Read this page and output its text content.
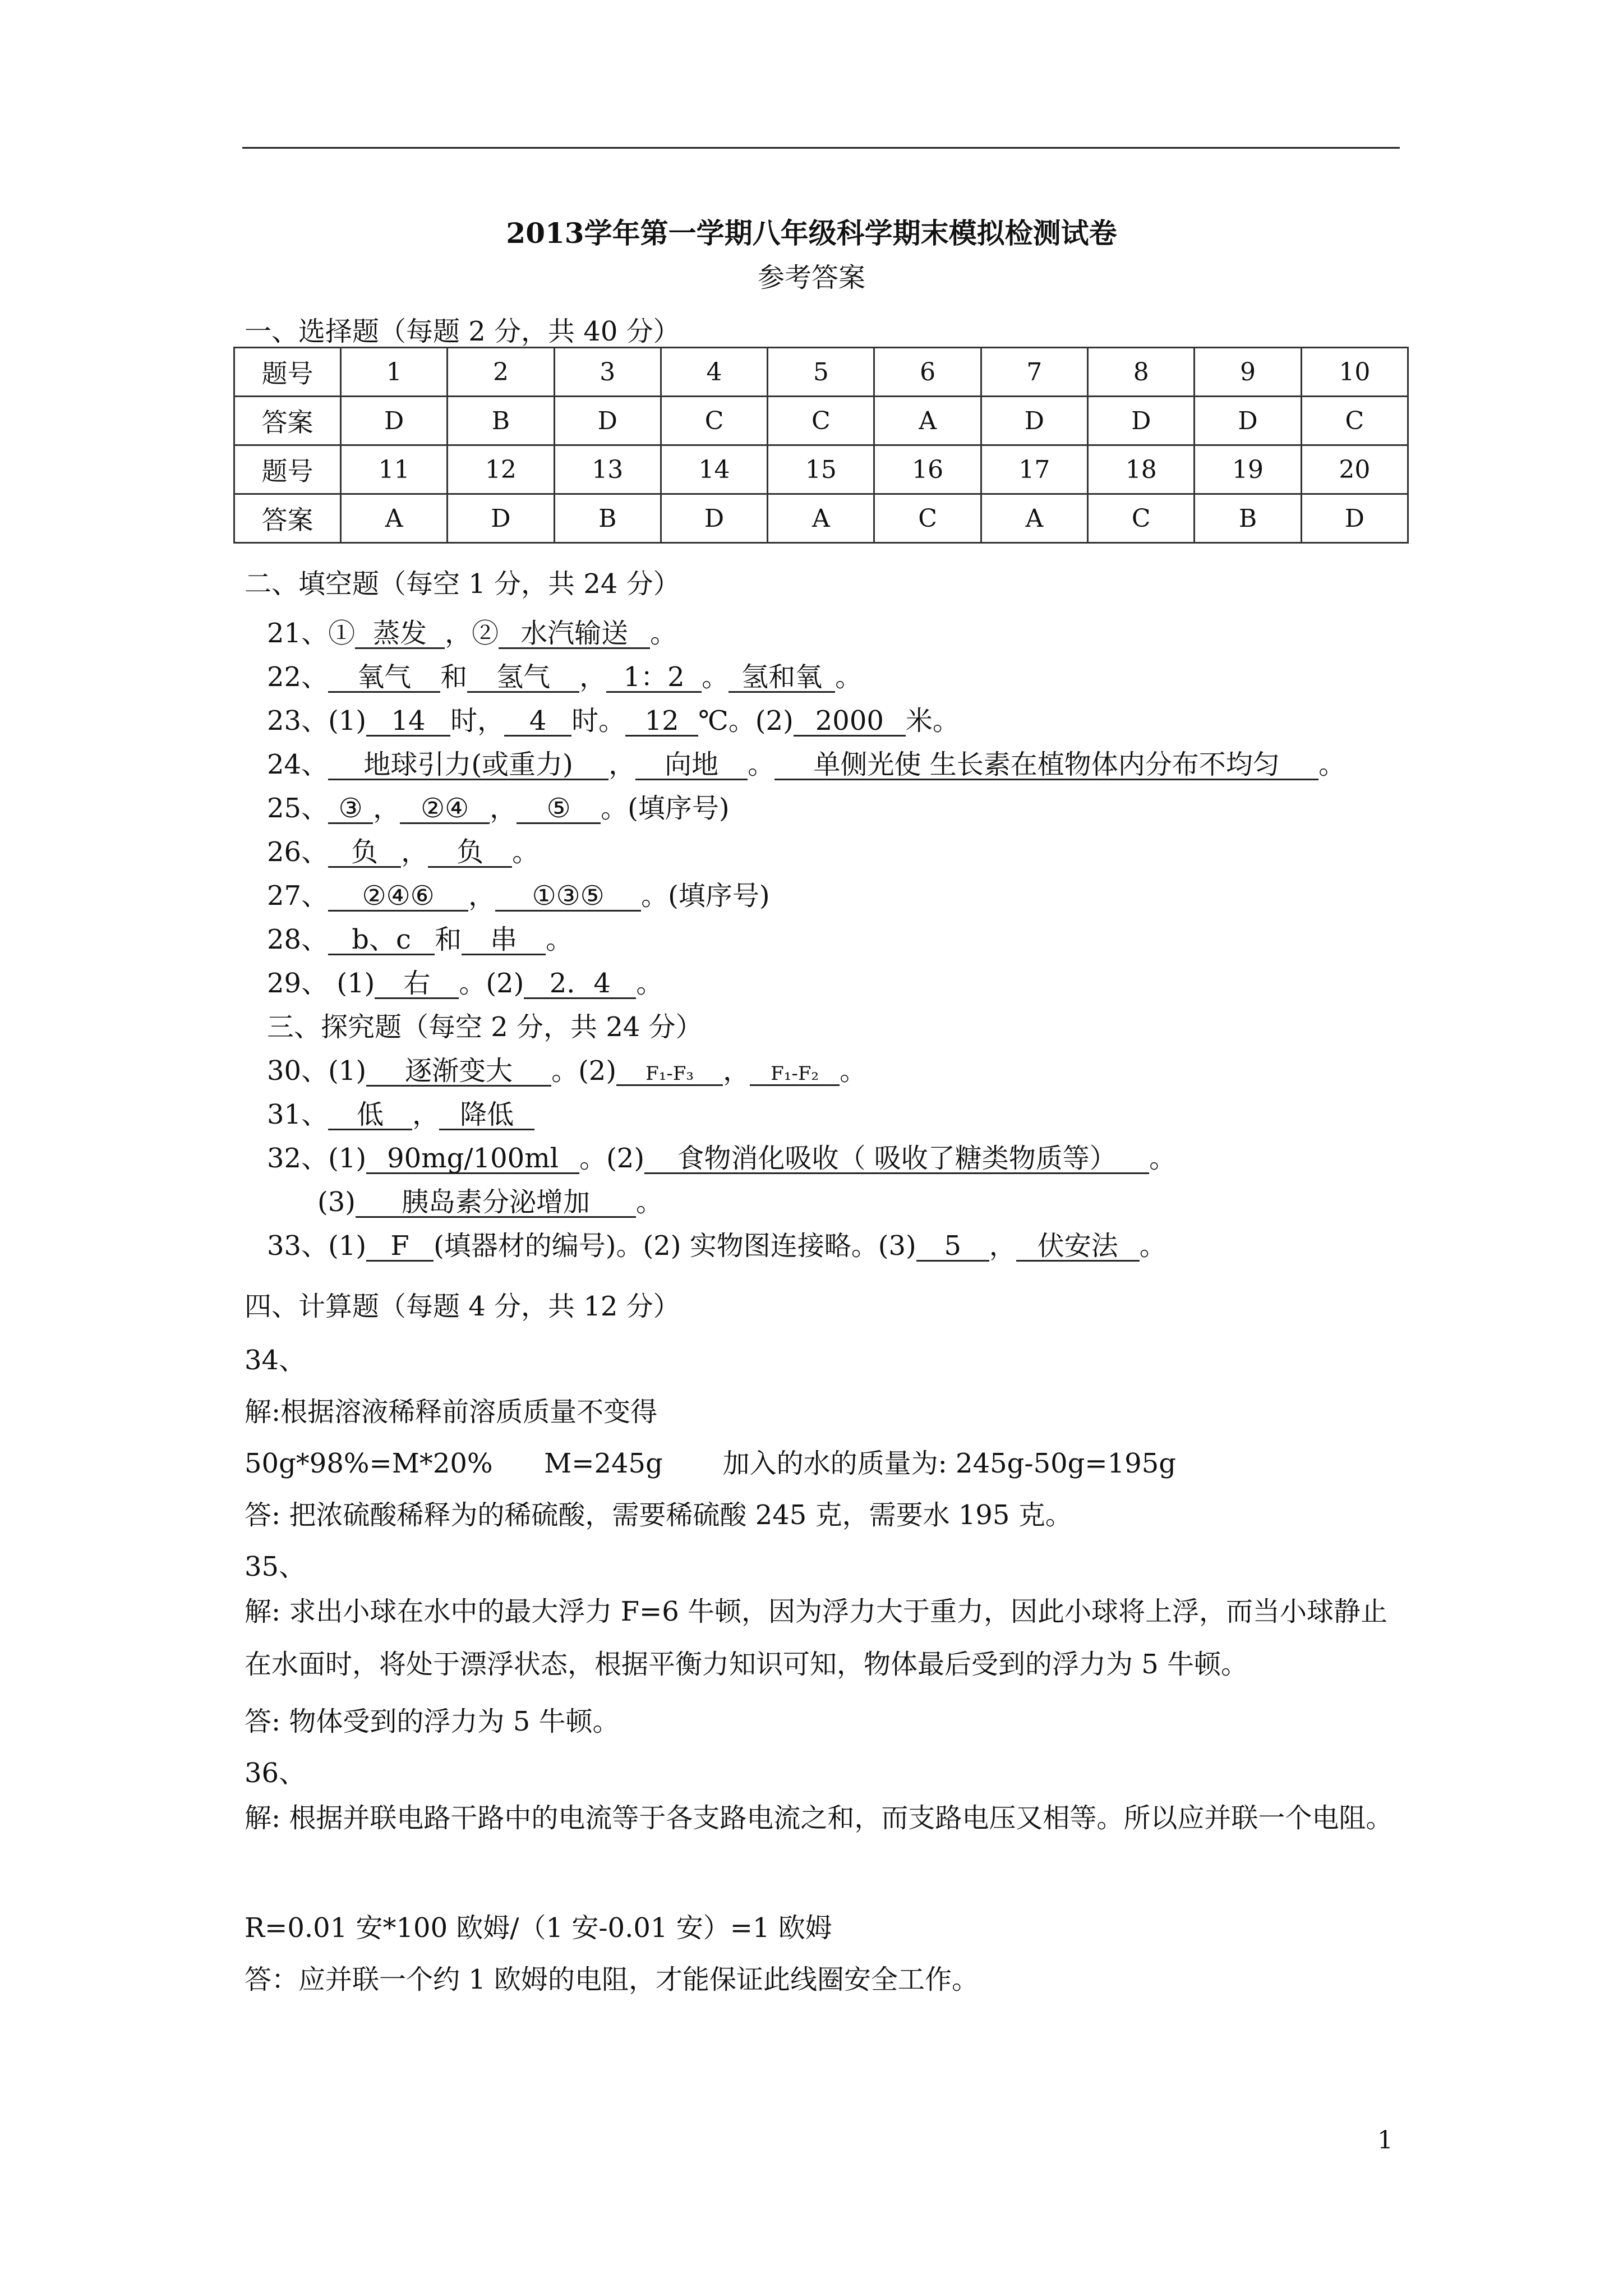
2013学年第一学期八年级科学期末模拟检测试卷
参考答案
一、选择题（每题 2 分，共 40 分）
题号	1	2	3	4	5	6	7	8	9	10
答案	D	B	D	C	C	A	D	D	D	C
题号	11	12	13	14	15	16	17	18	19	20
答案	A	D	B	D	A	C	A	C	B	D
二、填空题（每空 1 分，共 24 分）
21、① 蒸发 ，② 水汽输送 。
22、 氧气 和 氢气 ， 1：2 。 氢和氧 。
23、(1) 14 时， 4 时。 12 ℃。(2) 2000 米。
24、 地球引力(或重力) ， 向地 。 单侧光使 生长素在植物体内分布不均匀 。
25、 ③ ， ②④ ， ⑤ 。(填序号)
26、 负 ， 负 。
27、 ②④⑥ ， ①③⑤ 。(填序号)
28、 b、c 和 串 。
29、 (1) 右 。(2) 2．4 。
三、探究题（每空 2 分，共 24 分）
30、(1) 逐渐变大 。(2) F₁-F₃ ， F₁-F₂ 。
31、 低 ， 降低
32、(1) 90mg/100ml 。(2) 食物消化吸收（ 吸收了糖类物质等） 。
(3) 胰岛素分泌增加 。
33、(1) F (填器材的编号)。(2) 实物图连接略。(3) 5 ， 伏安法 。
四、计算题（每题 4 分，共 12 分）
34、
解:根据溶液稀释前溶质质量不变得
50g*98%=M*20%      M=245g       加入的水的质量为: 245g-50g=195g
答: 把浓硫酸稀释为的稀硫酸，需要稀硫酸 245 克，需要水 195 克。
35、
解: 求出小球在水中的最大浮力 F=6 牛顿，因为浮力大于重力，因此小球将上浮，而当小球静止在水面时，将处于漂浮状态，根据平衡力知识可知，物体最后受到的浮力为 5 牛顿。
答: 物体受到的浮力为 5 牛顿。
36、
解: 根据并联电路干路中的电流等于各支路电流之和，而支路电压又相等。所以应并联一个电阻。
R=0.01 安*100 欧姆/（1 安-0.01 安）=1 欧姆
答：应并联一个约 1 欧姆的电阻，才能保证此线圈安全工作。
1
